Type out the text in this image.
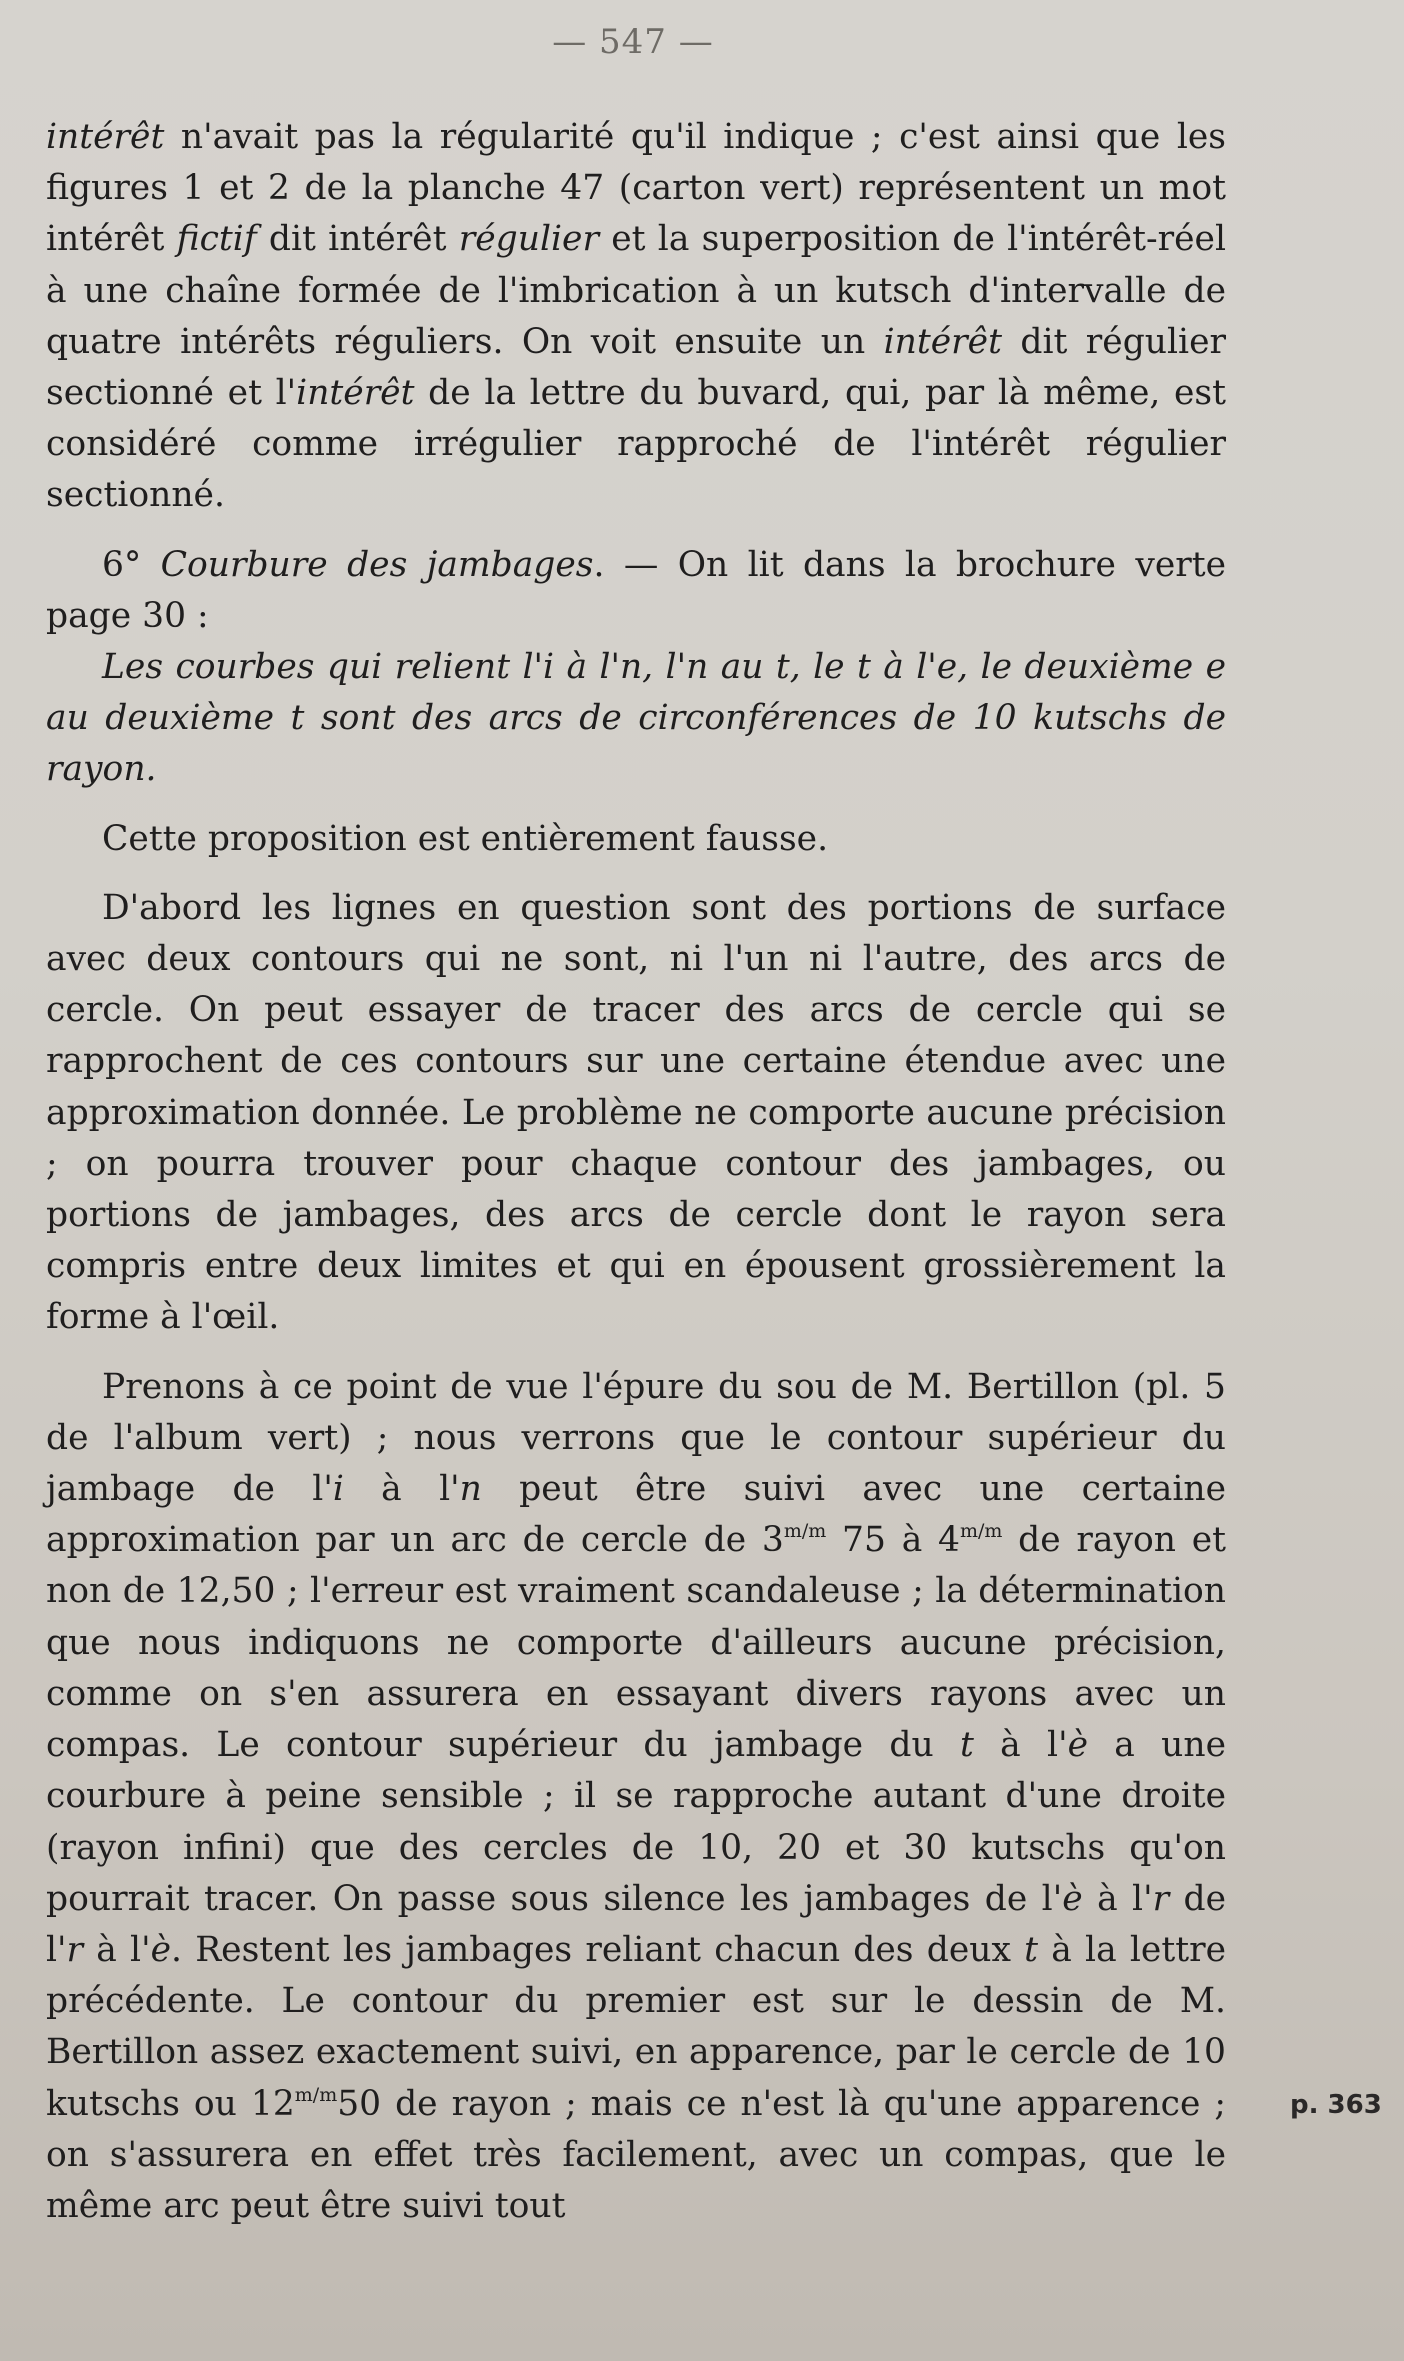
— 547 —

intérêt n'avait pas la régularité qu'il indique ; c'est ainsi que les figures 1 et 2 de la planche 47 (carton vert) représentent un mot intérêt fictif dit intérêt régulier et la superposition de l'intérêt-réel à une chaîne formée de l'imbrication à un kutsch d'intervalle de quatre intérêts réguliers. On voit ensuite un intérêt dit régulier sectionné et l'intérêt de la lettre du buvard, qui, par là même, est considéré comme irrégulier rapproché de l'intérêt régulier sectionné.

6° Courbure des jambages. — On lit dans la brochure verte page 30 :

Les courbes qui relient l'i à l'n, l'n au t, le t à l'e, le deuxième e au deuxième t sont des arcs de circonférences de 10 kutschs de rayon.

Cette proposition est entièrement fausse.

D'abord les lignes en question sont des portions de surface avec deux contours qui ne sont, ni l'un ni l'autre, des arcs de cercle. On peut essayer de tracer des arcs de cercle qui se rapprochent de ces contours sur une certaine étendue avec une approximation donnée. Le problème ne comporte aucune précision ; on pourra trouver pour chaque contour des jambages, ou portions de jambages, des arcs de cercle dont le rayon sera compris entre deux limites et qui en épousent grossièrement la forme à l'œil.

Prenons à ce point de vue l'épure du sou de M. Bertillon (pl. 5 de l'album vert) ; nous verrons que le contour supérieur du jambage de l'i à l'n peut être suivi avec une certaine approximation par un arc de cercle de $3^{m/m}$ 75 à $4^{m/m}$ de rayon et non de 12,50 ; l'erreur est vraiment scandaleuse ; la détermination que nous indiquons ne comporte d'ailleurs aucune précision, comme on s'en assurera en essayant divers rayons avec un compas. Le contour supérieur du jambage du t à l'è a une courbure à peine sensible ; il se rapproche autant d'une droite (rayon infini) que des cercles de 10, 20 et 30 kutschs qu'on pourrait tracer. On passe sous silence les jambages de l'è à l'r de l'r à l'è. Restent les jambages reliant chacun des deux t à la lettre précédente. Le contour du premier est sur le dessin de M. Bertillon assez exactement suivi, en apparence, par le cercle de 10 kutschs ou $12^{m/m}50$ de rayon ; mais ce n'est là qu'une apparence ; on s'assurera en effet très facilement, avec un compas, que le même arc peut être suivi tout

p. 363
